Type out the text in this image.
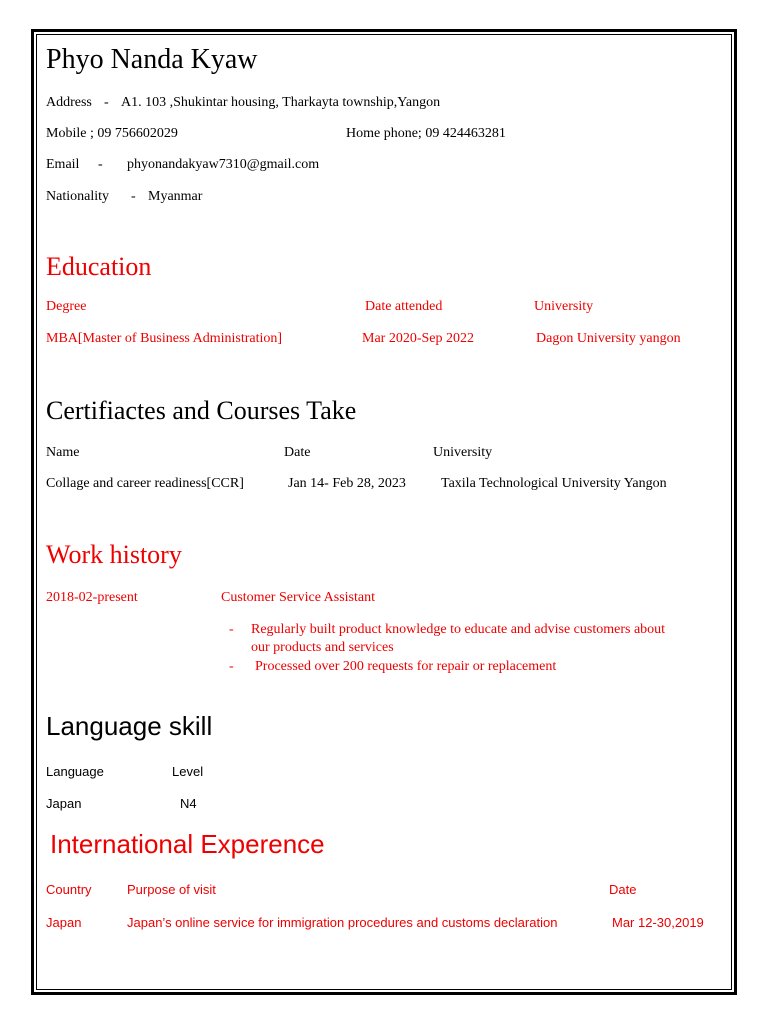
Phyo Nanda Kyaw
Address - A1. 103 ,Shukintar housing, Tharkayta township,Yangon
Mobile ; 09 756602029	Home phone; 09 424463281
Email - phyonandakyaw7310@gmail.com
Nationality - Myanmar
Education
Degree	Date attended	University
MBA[Master of Business Administration]	Mar 2020-Sep 2022	Dagon University yangon
Certifiactes and Courses Take
Name	Date	University
Collage and career readiness[CCR]	Jan 14- Feb 28, 2023	Taxila Technological University Yangon
Work history
2018-02-present	Customer Service Assistant
- Regularly built product knowledge to educate and advise customers about
our products and services
- Processed over 200 requests for repair or replacement
Language skill
Language	Level
Japan	N4
International Experence
Country	Purpose of visit	Date
Japan	Japan’s online service for immigration procedures and customs declaration	Mar 12-30,2019
